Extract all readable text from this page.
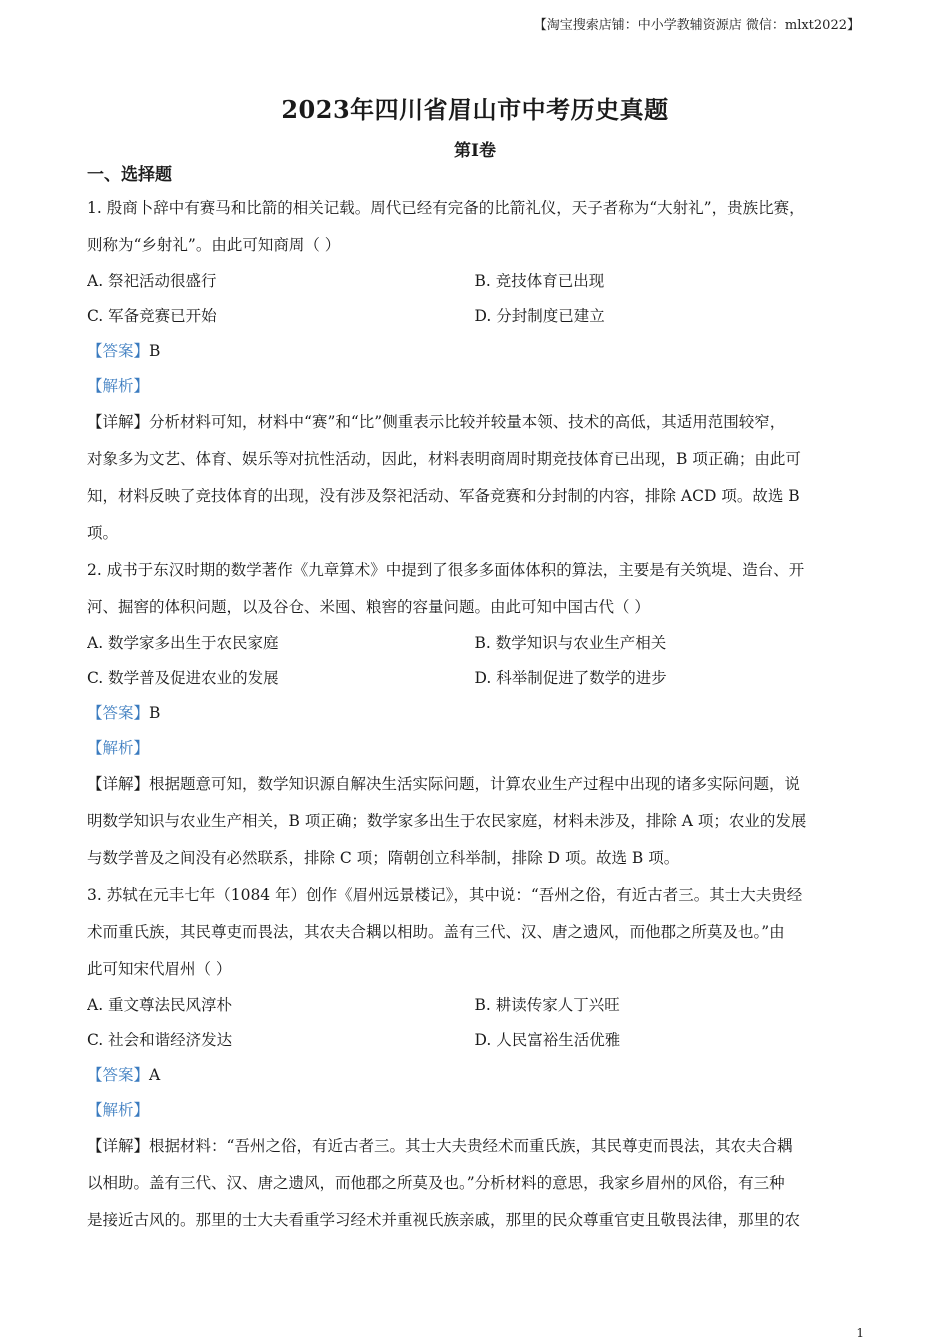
【淘宝搜索店铺：中小学教辅资源店 微信：mlxt2022】
2023年四川省眉山市中考历史真题
第I卷
一、选择题
1. 殷商卜辞中有赛马和比箭的相关记载。周代已经有完备的比箭礼仪，天子者称为“大射礼”，贵族比赛，
则称为“乡射礼”。由此可知商周（ ）
A. 祭祀活动很盛行	B. 竞技体育已出现
C. 军备竞赛已开始	D. 分封制度已建立
【答案】B
【解析】
【详解】分析材料可知，材料中“赛”和“比”侧重表示比较并较量本领、技术的高低，其适用范围较窄，
对象多为文艺、体育、娱乐等对抗性活动，因此，材料表明商周时期竞技体育已出现，B 项正确；由此可
知，材料反映了竞技体育的出现，没有涉及祭祀活动、军备竞赛和分封制的内容，排除 ACD 项。故选 B
项。
2. 成书于东汉时期的数学著作《九章算术》中提到了很多多面体体积的算法，主要是有关筑堤、造台、开
河、掘窖的体积问题，以及谷仓、米囤、粮窖的容量问题。由此可知中国古代（ ）
A. 数学家多出生于农民家庭	B. 数学知识与农业生产相关
C. 数学普及促进农业的发展	D. 科举制促进了数学的进步
【答案】B
【解析】
【详解】根据题意可知，数学知识源自解决生活实际问题，计算农业生产过程中出现的诸多实际问题，说
明数学知识与农业生产相关，B 项正确；数学家多出生于农民家庭，材料未涉及，排除 A 项；农业的发展
与数学普及之间没有必然联系，排除 C 项；隋朝创立科举制，排除 D 项。故选 B 项。
3. 苏轼在元丰七年（1084 年）创作《眉州远景楼记》，其中说：“吾州之俗，有近古者三。其士大夫贵经
术而重氏族，其民尊吏而畏法，其农夫合耦以相助。盖有三代、汉、唐之遗风，而他郡之所莫及也。”由
此可知宋代眉州（ ）
A. 重文尊法民风淳朴	B. 耕读传家人丁兴旺
C. 社会和谐经济发达	D. 人民富裕生活优雅
【答案】A
【解析】
【详解】根据材料：“吾州之俗，有近古者三。其士大夫贵经术而重氏族，其民尊吏而畏法，其农夫合耦
以相助。盖有三代、汉、唐之遗风，而他郡之所莫及也。”分析材料的意思，我家乡眉州的风俗，有三种
是接近古风的。那里的士大夫看重学习经术并重视氏族亲戚，那里的民众尊重官吏且敬畏法律，那里的农
1
